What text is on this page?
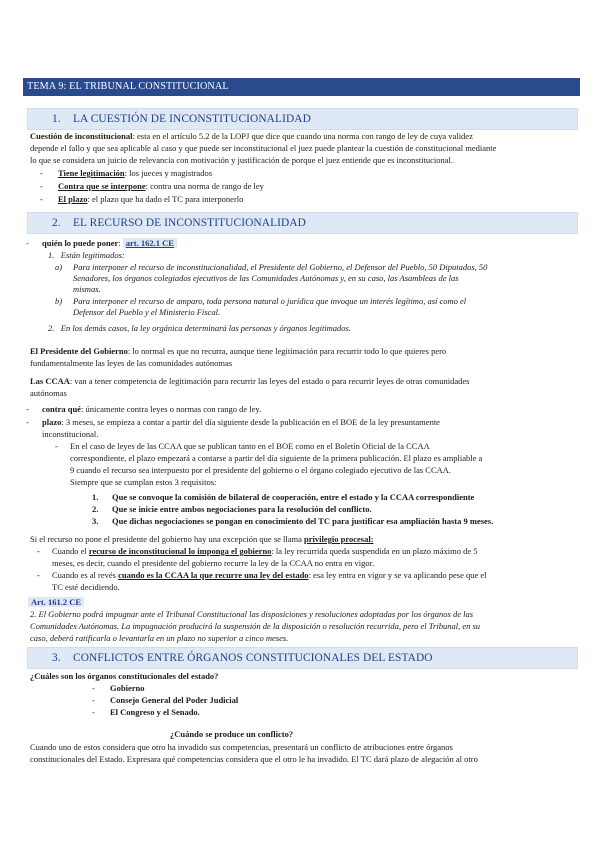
TEMA 9: EL TRIBUNAL CONSTITUCIONAL
1. LA CUESTIÓN DE INCONSTITUCIONALIDAD
Cuestión de inconstitucional: esta en el artículo 5.2 de la LOPJ que dice que cuando una norma con rango de ley de cuya validez
depende el fallo y que sea aplicable al caso y que puede ser inconstitucional el juez puede plantear la cuestión de constitucional mediante
lo que se considera un juicio de relevancia con motivación y justificación de porque el juez entiende que es inconstitucional.
- Tiene legitimación: los jueces y magistrados
- Contra que se interpone: contra una norma de rango de ley
- El plazo: el plazo que ha dado el TC para interponerlo
2. EL RECURSO DE INCONSTITUCIONALIDAD
- quién lo puede poner: art. 162.1 CE
1. Están legitimados:
a) Para interponer el recurso de inconstitucionalidad, el Presidente del Gobierno, el Defensor del Pueblo, 50 Diputados, 50
Senadores, los órganos colegiados ejecutivos de las Comunidades Autónomas y, en su caso, las Asambleas de las
mismas.
b) Para interponer el recurso de amparo, toda persona natural o jurídica que invoque un interés legítimo, así como el
Defensor del Pueblo y el Ministerio Fiscal.
2. En los demás casos, la ley orgánica determinará las personas y órganos legitimados.
El Presidente del Gobierno: lo normal es que no recurra, aunque tiene legitimación para recurrir todo lo que quieres pero
fundamentalmente las leyes de las comunidades autónomas
Las CCAA: van a tener competencia de legitimación para recurrir las leyes del estado o para recurrir leyes de otras comunidades
autónomas
- contra qué: únicamente contra leyes o normas con rango de ley.
- plazo: 3 meses, se empieza a contar a partir del día siguiente desde la publicación en el BOE de la ley presuntamente
inconstitucional.
- En el caso de leyes de las CCAA que se publican tanto en el BOE como en el Boletín Oficial de la CCAA
correspondiente, el plazo empezará a contarse a partir del día siguiente de la primera publicación. El plazo es ampliable a
9 cuando el recurso sea interpuesto por el presidente del gobierno o el órgano colegiado ejecutivo de las CCAA.
Siempre que se cumplan estos 3 requisitos:
1. Que se convoque la comisión de bilateral de cooperación, entre el estado y la CCAA correspondiente
2. Que se inicie entre ambos negociaciones para la resolución del conflicto.
3. Que dichas negociaciones se pongan en conocimiento del TC para justificar esa ampliación hasta 9 meses.
Si el recurso no pone el presidente del gobierno hay una excepción que se llama privilegio procesal:
- Cuando el recurso de inconstitucional lo imponga el gobierno: la ley recurrida queda suspendida en un plazo máximo de 5
meses, es decir, cuando el presidente del gobierno recurre la ley de la CCAA no entra en vigor.
- Cuando es al revés cuando es la CCAA la que recurre una ley del estado: esa ley entra en vigor y se va aplicando pese que el
TC esté decidiendo.
Art. 161.2 CE
2. El Gobierno podrá impugnar ante el Tribunal Constitucional las disposiciones y resoluciones adoptadas por los órganos de las
Comunidades Autónomas. La impugnación producirá la suspensión de la disposición o resolución recurrida, pero el Tribunal, en su
caso, deberá ratificarla o levantarla en un plazo no superior a cinco meses.
3. CONFLICTOS ENTRE ÓRGANOS CONSTITUCIONALES DEL ESTADO
¿Cuáles son los órganos constitucionales del estado?
- Gobierno
- Consejo General del Poder Judicial
- El Congreso y el Senado.
¿Cuándo se produce un conflicto?
Cuando uno de estos considera que otro ha invadido sus competencias, presentará un conflicto de atribuciones entre órganos
constitucionales del Estado. Expresara qué competencias considera que el otro le ha invadido. El TC dará plazo de alegación al otro
